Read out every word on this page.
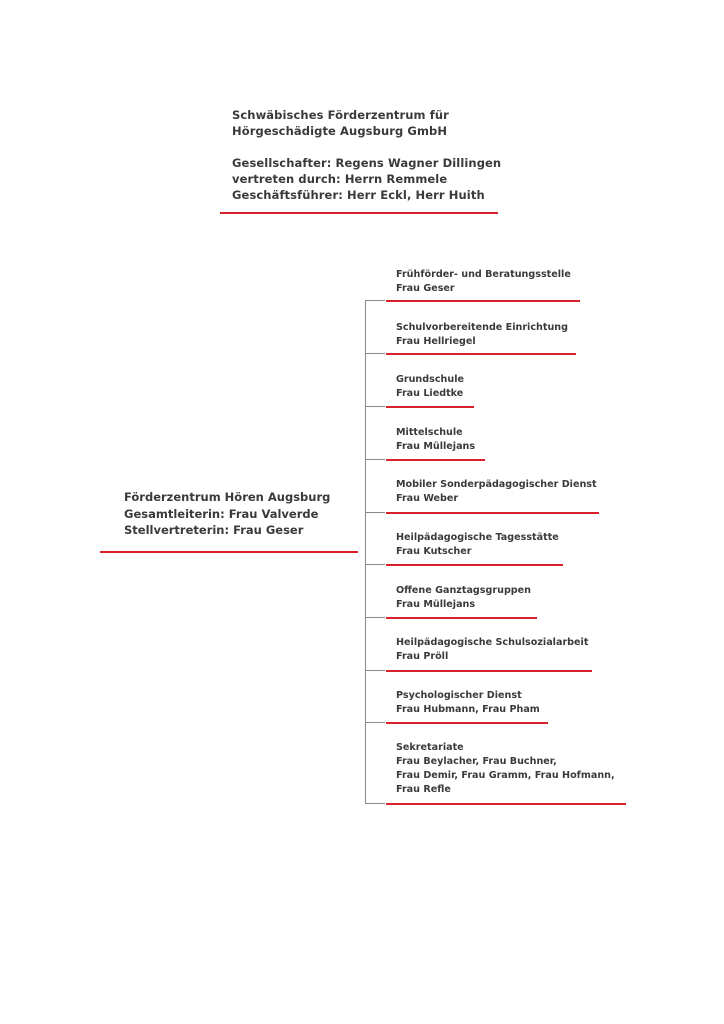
Schwäbisches Förderzentrum für
Hörgeschädigte Augsburg GmbH
Gesellschafter: Regens Wagner Dillingen
vertreten durch: Herrn Remmele
Geschäftsführer: Herr Eckl, Herr Huith
Förderzentrum Hören Augsburg
Gesamtleiterin: Frau Valverde
Stellvertreterin: Frau Geser
Frühförder- und Beratungsstelle
Frau Geser
Schulvorbereitende Einrichtung
Frau Hellriegel
Grundschule
Frau Liedtke
Mittelschule
Frau Müllejans
Mobiler Sonderpädagogischer Dienst
Frau Weber
Heilpädagogische Tagesstätte
Frau Kutscher
Offene Ganztagsgruppen
Frau Müllejans
Heilpädagogische Schulsozialarbeit
Frau Pröll
Psychologischer Dienst
Frau Hubmann, Frau Pham
Sekretariate
Frau Beylacher, Frau Buchner,
Frau Demir, Frau Gramm, Frau Hofmann,
Frau Refle
